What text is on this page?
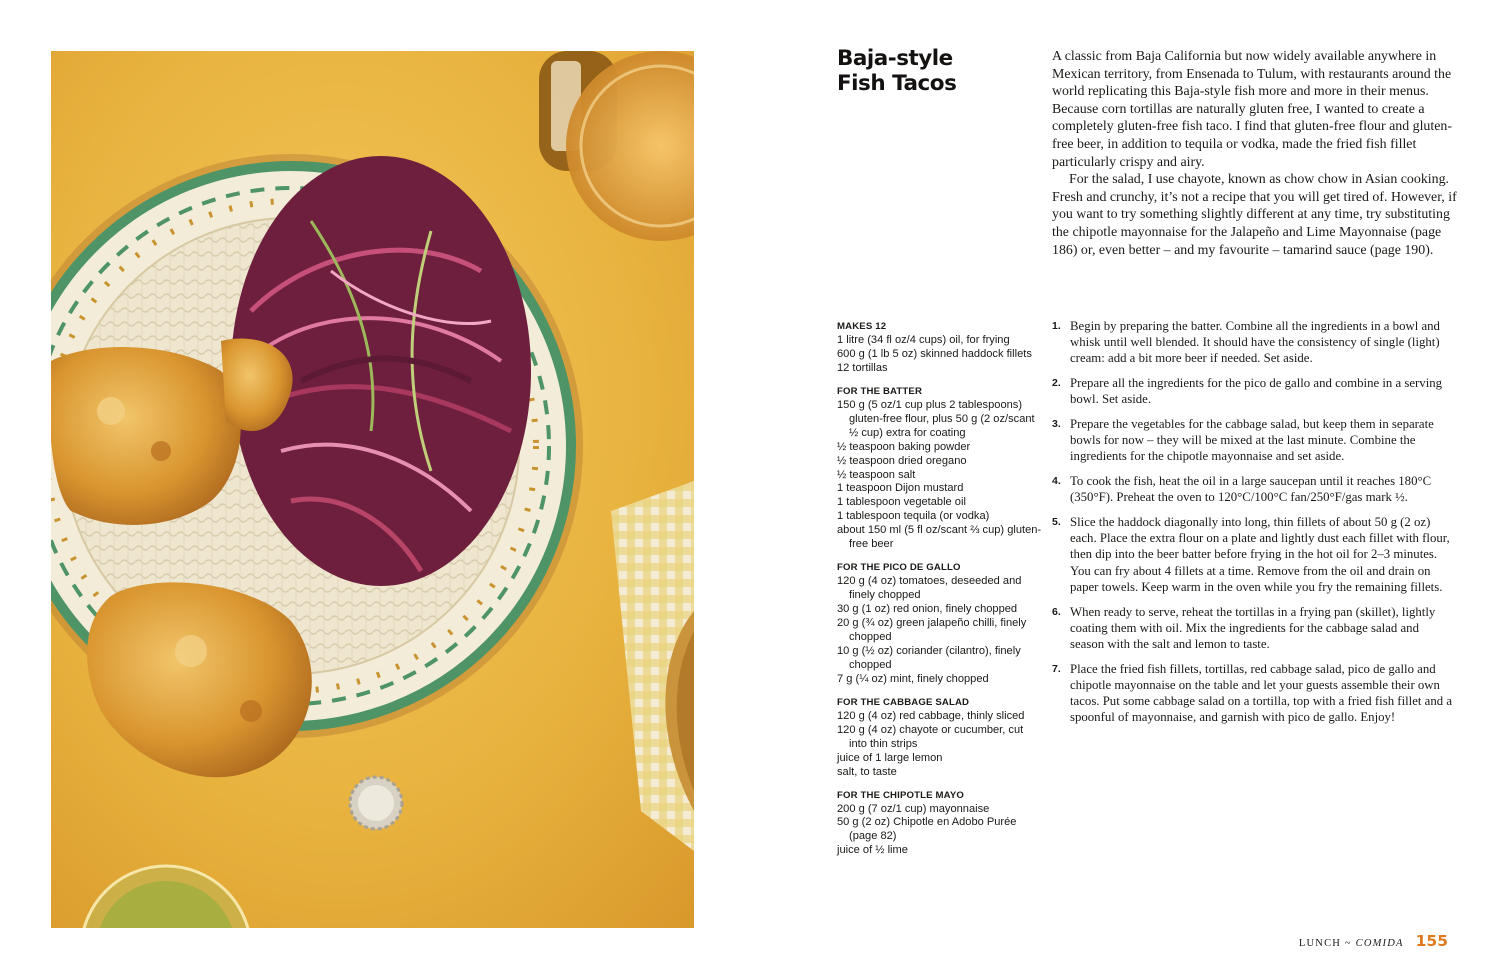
Baja-style
Fish Tacos

A classic from Baja California but now widely available anywhere in Mexican territory, from Ensenada to Tulum, with restaurants around the world replicating this Baja-style fish more and more in their menus. Because corn tortillas are naturally gluten free, I wanted to create a completely gluten-free fish taco. I find that gluten-free flour and gluten-free beer, in addition to tequila or vodka, made the fried fish fillet particularly crispy and airy.

For the salad, I use chayote, known as chow chow in Asian cooking. Fresh and crunchy, it’s not a recipe that you will get tired of. However, if you want to try something slightly different at any time, try substituting the chipotle mayonnaise for the Jalapeño and Lime Mayonnaise (page 186) or, even better – and my favourite – tamarind sauce (page 190).

MAKES 12
1 litre (34 fl oz/4 cups) oil, for frying
600 g (1 lb 5 oz) skinned haddock fillets
12 tortillas
FOR THE BATTER
150 g (5 oz/1 cup plus 2 tablespoons) gluten-free flour, plus 50 g (2 oz/scant ½ cup) extra for coating
½ teaspoon baking powder
½ teaspoon dried oregano
½ teaspoon salt
1 teaspoon Dijon mustard
1 tablespoon vegetable oil
1 tablespoon tequila (or vodka)
about 150 ml (5 fl oz/scant ⅔ cup) gluten-free beer
FOR THE PICO DE GALLO
120 g (4 oz) tomatoes, deseeded and finely chopped
30 g (1 oz) red onion, finely chopped
20 g (¾ oz) green jalapeño chilli, finely chopped
10 g (½ oz) coriander (cilantro), finely chopped
7 g (¼ oz) mint, finely chopped
FOR THE CABBAGE SALAD
120 g (4 oz) red cabbage, thinly sliced
120 g (4 oz) chayote or cucumber, cut into thin strips
juice of 1 large lemon
salt, to taste
FOR THE CHIPOTLE MAYO
200 g (7 oz/1 cup) mayonnaise
50 g (2 oz) Chipotle en Adobo Purée (page 82)
juice of ½ lime
1. Begin by preparing the batter. Combine all the ingredients in a bowl and whisk until well blended. It should have the consistency of single (light) cream: add a bit more beer if needed. Set aside.
2. Prepare all the ingredients for the pico de gallo and combine in a serving bowl. Set aside.
3. Prepare the vegetables for the cabbage salad, but keep them in separate bowls for now – they will be mixed at the last minute. Combine the ingredients for the chipotle mayonnaise and set aside.
4. To cook the fish, heat the oil in a large saucepan until it reaches 180°C (350°F). Preheat the oven to 120°C/100°C fan/250°F/gas mark ½.
5. Slice the haddock diagonally into long, thin fillets of about 50 g (2 oz) each. Place the extra flour on a plate and lightly dust each fillet with flour, then dip into the beer batter before frying in the hot oil for 2–3 minutes. You can fry about 4 fillets at a time. Remove from the oil and drain on paper towels. Keep warm in the oven while you fry the remaining fillets.
6. When ready to serve, reheat the tortillas in a frying pan (skillet), lightly coating them with oil. Mix the ingredients for the cabbage salad and season with the salt and lemon to taste.
7. Place the fried fish fillets, tortillas, red cabbage salad, pico de gallo and chipotle mayonnaise on the table and let your guests assemble their own tacos. Put some cabbage salad on a tortilla, top with a fried fish fillet and a spoonful of mayonnaise, and garnish with pico de gallo. Enjoy!
LUNCH ~ COMIDA 155
